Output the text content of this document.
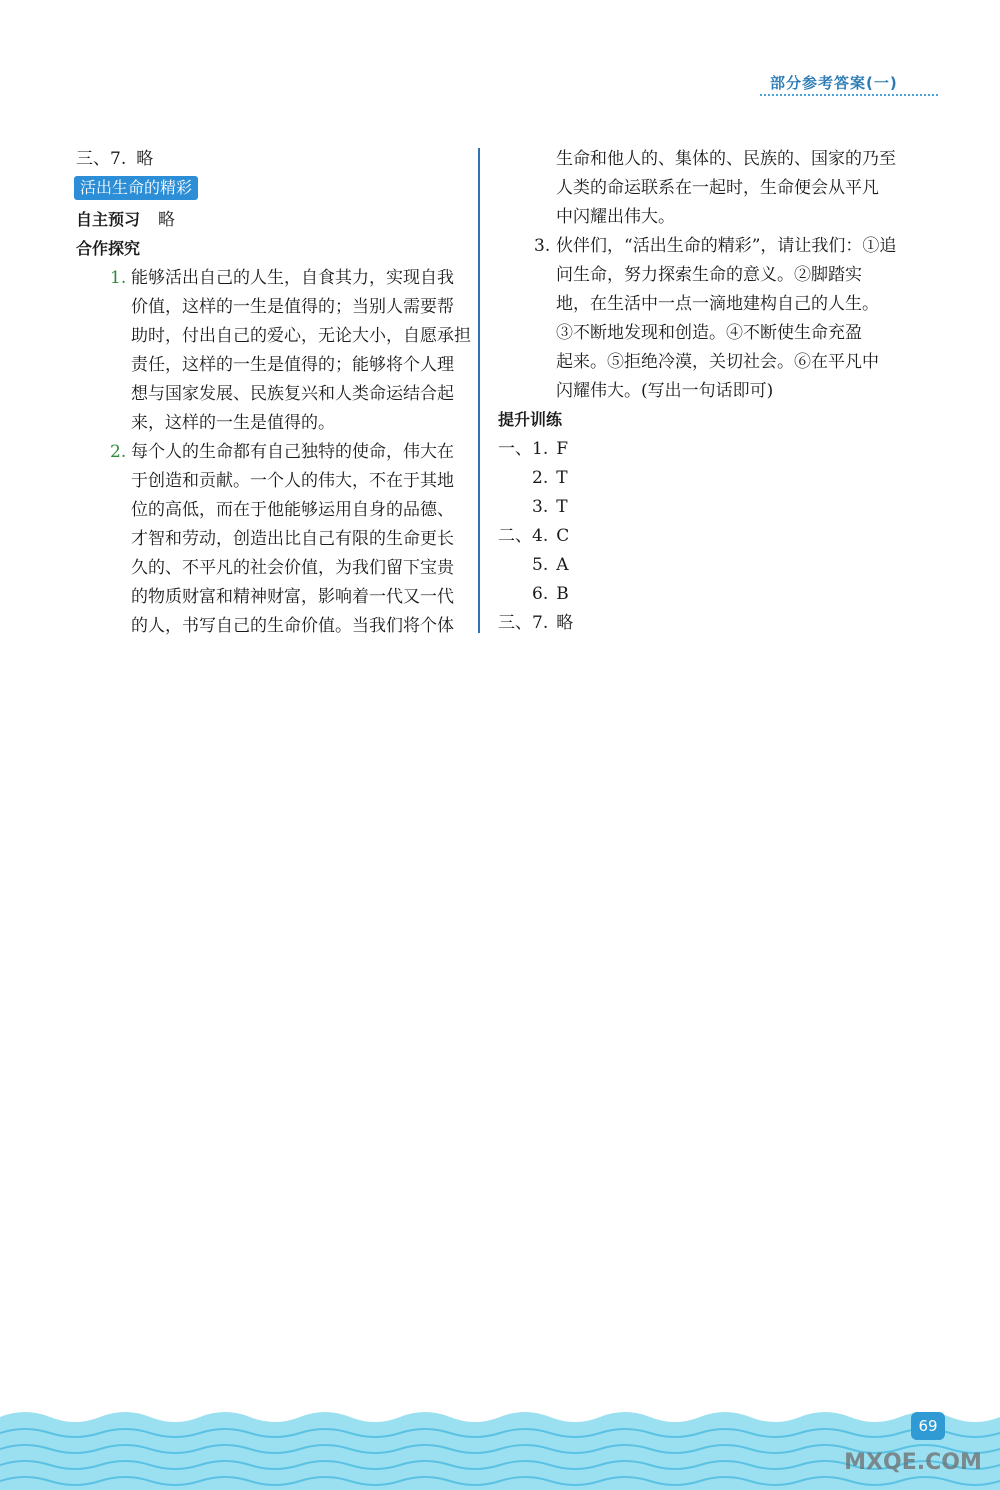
部分参考答案(一)
三、7. 略
活出生命的精彩
自主预习 略
合作探究
1. 能够活出自己的人生，自食其力，实现自我
价值，这样的一生是值得的；当别人需要帮
助时，付出自己的爱心，无论大小，自愿承担
责任，这样的一生是值得的；能够将个人理
想与国家发展、民族复兴和人类命运结合起
来，这样的一生是值得的。
2. 每个人的生命都有自己独特的使命，伟大在
于创造和贡献。一个人的伟大，不在于其地
位的高低，而在于他能够运用自身的品德、
才智和劳动，创造出比自己有限的生命更长
久的、不平凡的社会价值，为我们留下宝贵
的物质财富和精神财富，影响着一代又一代
的人，书写自己的生命价值。当我们将个体
生命和他人的、集体的、民族的、国家的乃至
人类的命运联系在一起时，生命便会从平凡
中闪耀出伟大。
3. 伙伴们，“活出生命的精彩”，请让我们：①追
问生命，努力探索生命的意义。②脚踏实
地，在生活中一点一滴地建构自己的人生。
③不断地发现和创造。④不断使生命充盈
起来。⑤拒绝冷漠，关切社会。⑥在平凡中
闪耀伟大。(写出一句话即可)
提升训练
一、1. F
2. T
3. T
二、4. C
5. A
6. B
三、7. 略
69
MXQE.COM
